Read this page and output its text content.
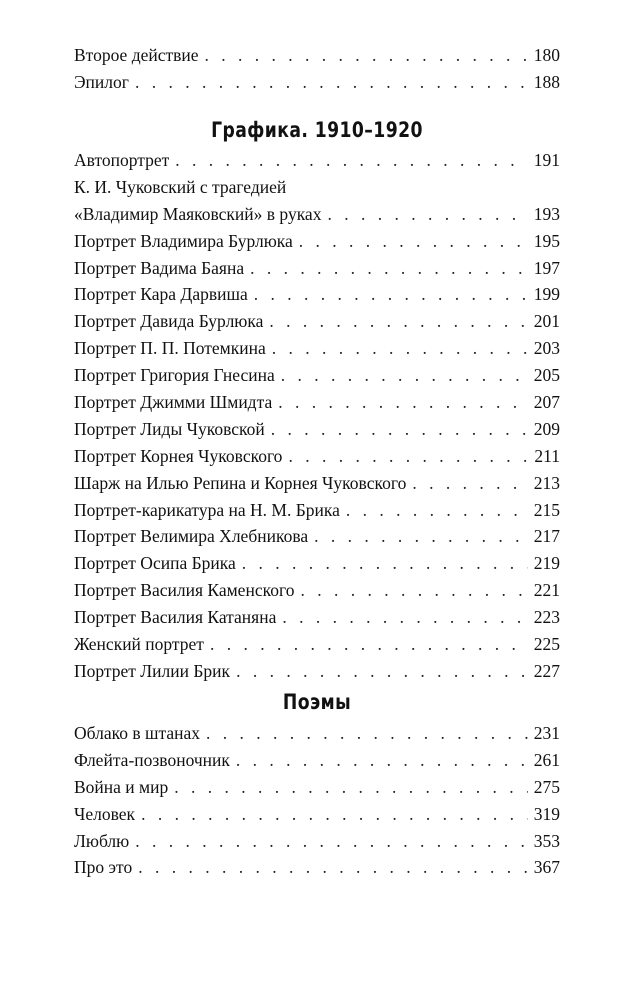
Второе действие . . .	180
Эпилог . . .	188
Графика. 1910–1920
Автопортрет . . .	191
К. И. Чуковский с трагедией
«Владимир Маяковский» в руках . . .	193
Портрет Владимира Бурлюка . . .	195
Портрет Вадима Баяна . . .	197
Портрет Кара Дарвиша . . .	199
Портрет Давида Бурлюка . . .	201
Портрет П. П. Потемкина . . .	203
Портрет Григория Гнесина . . .	205
Портрет Джимми Шмидта . . .	207
Портрет Лиды Чуковской . . .	209
Портрет Корнея Чуковского . . .	211
Шарж на Илью Репина и Корнея Чуковского . . .	213
Портрет-карикатура на Н. М. Брика . . .	215
Портрет Велимира Хлебникова . . .	217
Портрет Осипа Брика . . .	219
Портрет Василия Каменского . . .	221
Портрет Василия Катаняна . . .	223
Женский портрет . . .	225
Портрет Лилии Брик . . .	227
Поэмы
Облако в штанах . . .	231
Флейта-позвоночник . . .	261
Война и мир . . .	275
Человек . . .	319
Люблю . . .	353
Про это . . .	367
